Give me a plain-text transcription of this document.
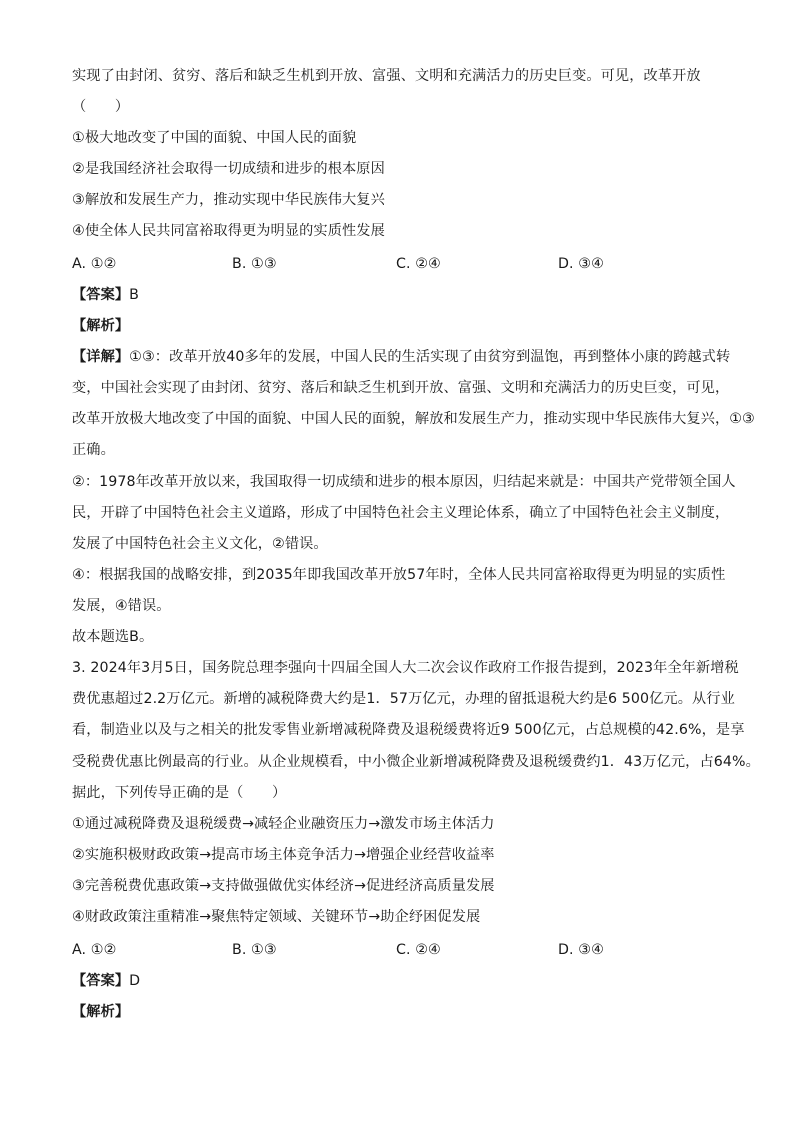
实现了由封闭、贫穷、落后和缺乏生机到开放、富强、文明和充满活力的历史巨变。可见，改革开放
（　　）
①极大地改变了中国的面貌、中国人民的面貌
②是我国经济社会取得一切成绩和进步的根本原因
③解放和发展生产力，推动实现中华民族伟大复兴
④使全体人民共同富裕取得更为明显的实质性发展
A. ①②	B. ①③	C. ②④	D. ③④
【答案】B
【解析】
【详解】①③：改革开放40多年的发展，中国人民的生活实现了由贫穷到温饱，再到整体小康的跨越式转
变，中国社会实现了由封闭、贫穷、落后和缺乏生机到开放、富强、文明和充满活力的历史巨变，可见，
改革开放极大地改变了中国的面貌、中国人民的面貌，解放和发展生产力，推动实现中华民族伟大复兴，①③
正确。
②：1978年改革开放以来，我国取得一切成绩和进步的根本原因，归结起来就是：中国共产党带领全国人
民，开辟了中国特色社会主义道路，形成了中国特色社会主义理论体系，确立了中国特色社会主义制度，
发展了中国特色社会主义文化，②错误。
④：根据我国的战略安排，到2035年即我国改革开放57年时，全体人民共同富裕取得更为明显的实质性
发展，④错误。
故本题选B。
3. 2024年3月5日，国务院总理李强向十四届全国人大二次会议作政府工作报告提到，2023年全年新增税
费优惠超过2.2万亿元。新增的减税降费大约是1．57万亿元，办理的留抵退税大约是6 500亿元。从行业
看，制造业以及与之相关的批发零售业新增减税降费及退税缓费将近9 500亿元，占总规模的42.6%，是享
受税费优惠比例最高的行业。从企业规模看，中小微企业新增减税降费及退税缓费约1．43万亿元，占64%。
据此，下列传导正确的是（　　）
①通过减税降费及退税缓费→减轻企业融资压力→激发市场主体活力
②实施积极财政政策→提高市场主体竞争活力→增强企业经营收益率
③完善税费优惠政策→支持做强做优实体经济→促进经济高质量发展
④财政政策注重精准→聚焦特定领域、关键环节→助企纾困促发展
A. ①②	B. ①③	C. ②④	D. ③④
【答案】D
【解析】
